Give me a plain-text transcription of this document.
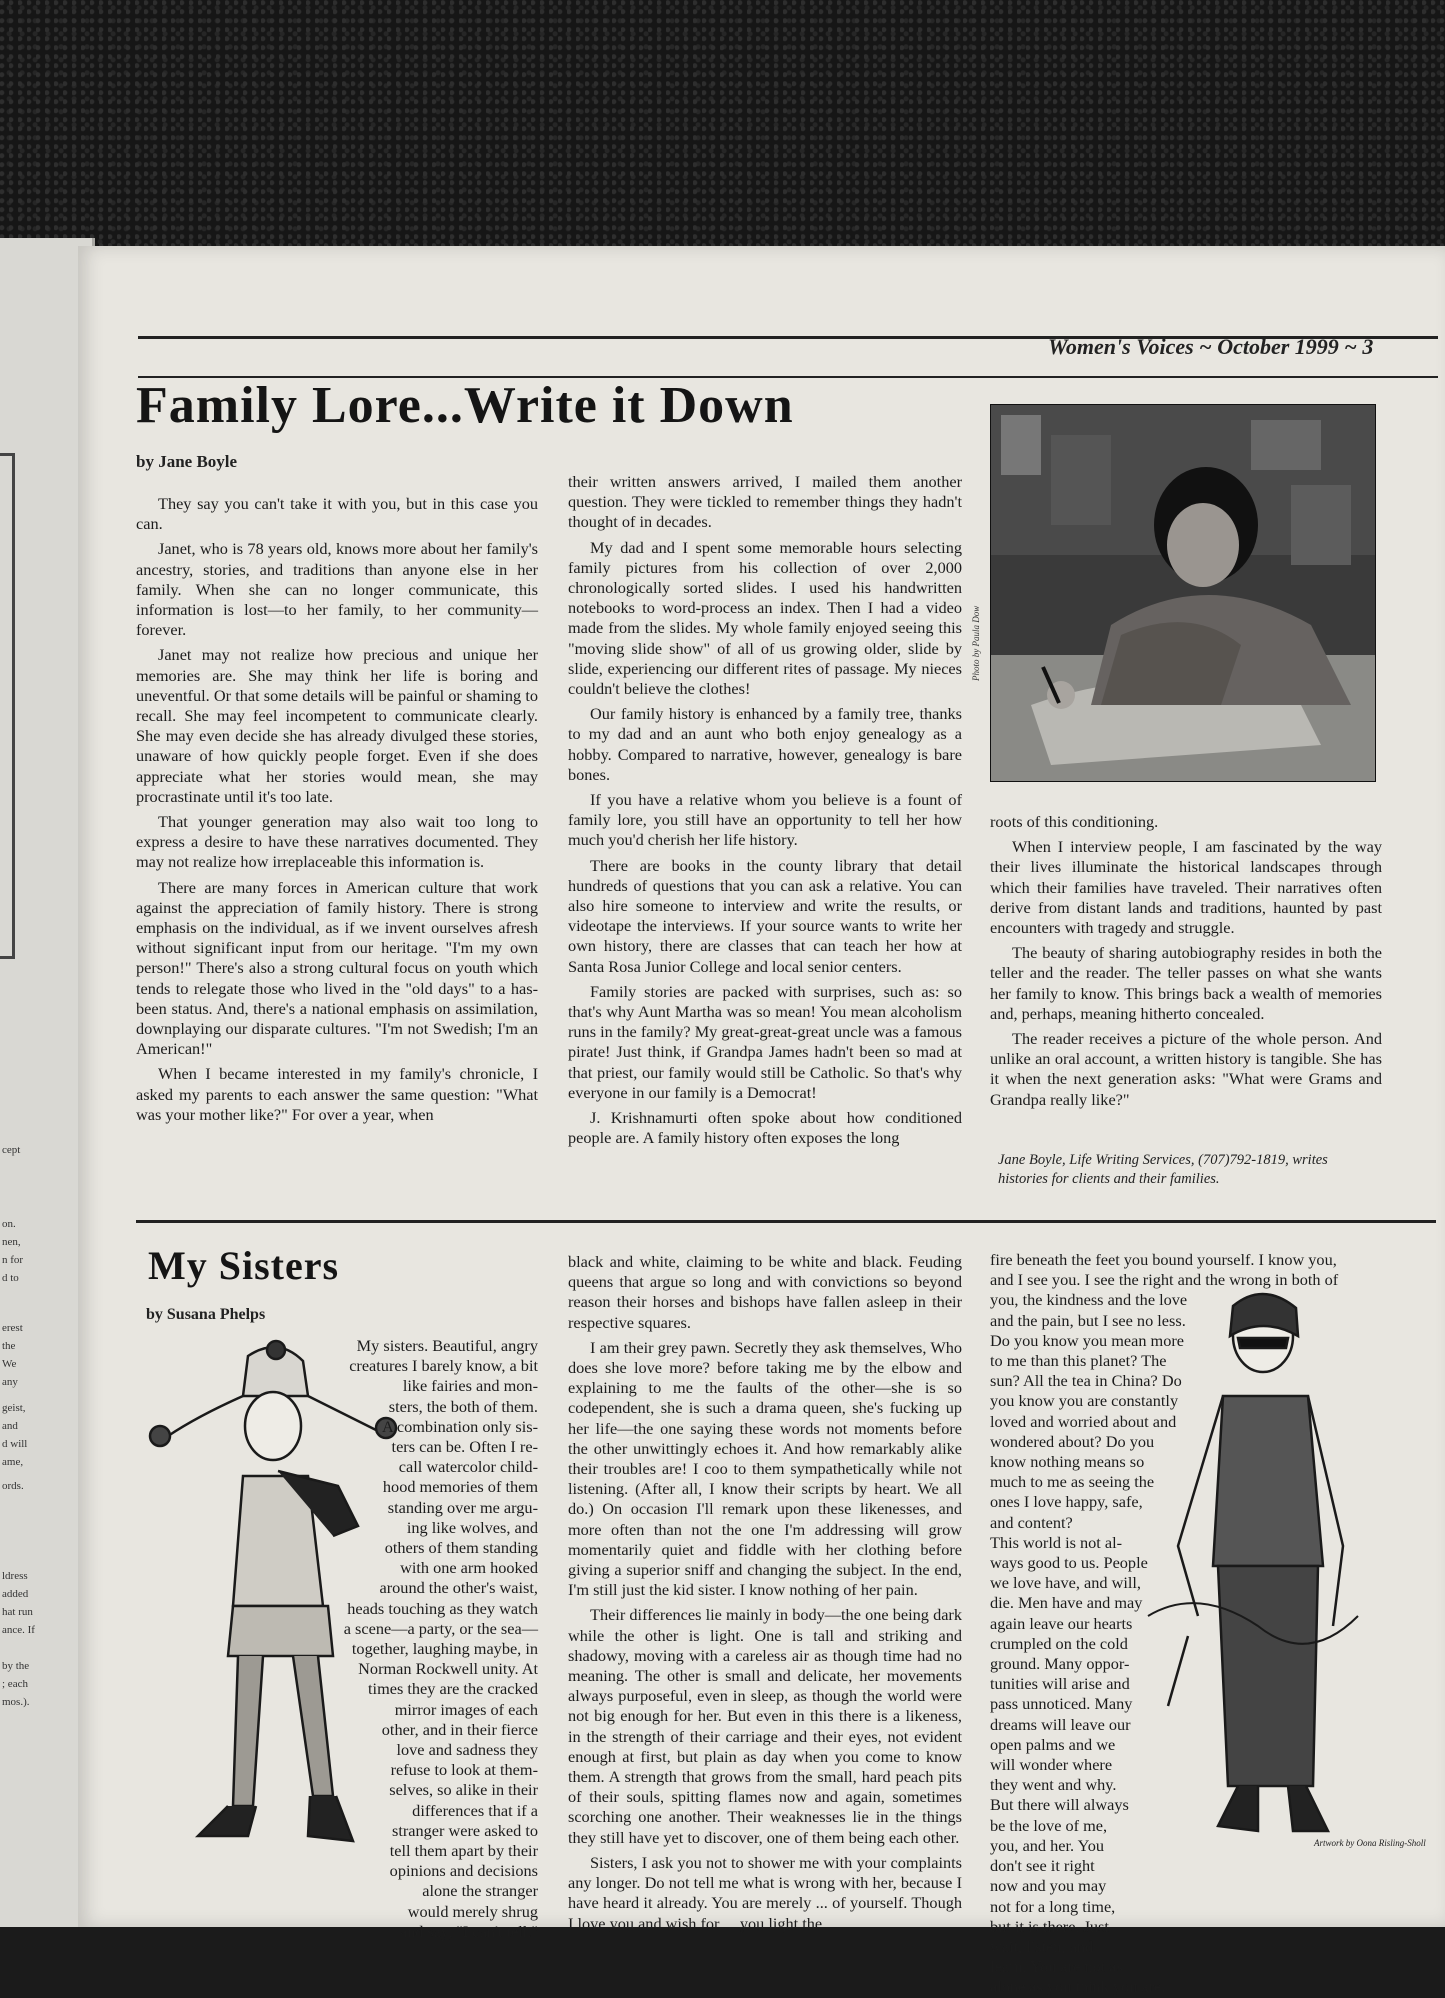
cept
on.
nen,
n for
d to
erest
the
We
any
geist,
and
d will
ame,
ords.
ldress
added
hat run
ance. If
by the
; each
mos.).
Women's Voices ~ October 1999 ~ 3
Family Lore...Write it Down
by Jane Boyle

They say you can't take it with you, but in this case you can.

Janet, who is 78 years old, knows more about her family's ancestry, stories, and traditions than anyone else in her family. When she can no longer communicate, this information is lost—to her family, to her community—forever.

Janet may not realize how precious and unique her memories are. She may think her life is boring and uneventful. Or that some details will be painful or shaming to recall. She may feel incompetent to communicate clearly. She may even decide she has already divulged these stories, unaware of how quickly people forget. Even if she does appreciate what her stories would mean, she may procrastinate until it's too late.

That younger generation may also wait too long to express a desire to have these narratives documented. They may not realize how irreplaceable this information is.

There are many forces in American culture that work against the appreciation of family history. There is strong emphasis on the individual, as if we invent ourselves afresh without significant input from our heritage. "I'm my own person!" There's also a strong cultural focus on youth which tends to relegate those who lived in the "old days" to a has-been status. And, there's a national emphasis on assimilation, downplaying our disparate cultures. "I'm not Swedish; I'm an American!"

When I became interested in my family's chronicle, I asked my parents to each answer the same question: "What was your mother like?" For over a year, when

their written answers arrived, I mailed them another question. They were tickled to remember things they hadn't thought of in decades.

My dad and I spent some memorable hours selecting family pictures from his collection of over 2,000 chronologically sorted slides. I used his handwritten notebooks to word-process an index. Then I had a video made from the slides. My whole family enjoyed seeing this "moving slide show" of all of us growing older, slide by slide, experiencing our different rites of passage. My nieces couldn't believe the clothes!

Our family history is enhanced by a family tree, thanks to my dad and an aunt who both enjoy genealogy as a hobby. Compared to narrative, however, genealogy is bare bones.

If you have a relative whom you believe is a fount of family lore, you still have an opportunity to tell her how much you'd cherish her life history.

There are books in the county library that detail hundreds of questions that you can ask a relative. You can also hire someone to interview and write the results, or videotape the interviews. If your source wants to write her own history, there are classes that can teach her how at Santa Rosa Junior College and local senior centers.

Family stories are packed with surprises, such as: so that's why Aunt Martha was so mean! You mean alcoholism runs in the family? My great-great-great uncle was a famous pirate! Just think, if Grandpa James hadn't been so mad at that priest, our family would still be Catholic. So that's why everyone in our family is a Democrat!

J. Krishnamurti often spoke about how conditioned people are. A family history often exposes the long

Photo by Paula Dow

roots of this conditioning.

When I interview people, I am fascinated by the way their lives illuminate the historical landscapes through which their families have traveled. Their narratives often derive from distant lands and traditions, haunted by past encounters with tragedy and struggle.

The beauty of sharing autobiography resides in both the teller and the reader. The teller passes on what she wants her family to know. This brings back a wealth of memories and, perhaps, meaning hitherto concealed.

The reader receives a picture of the whole person. And unlike an oral account, a written history is tangible. She has it when the next generation asks: "What were Grams and Grandpa really like?"

Jane Boyle, Life Writing Services, (707)792-1819, writes histories for clients and their families.
My Sisters
by Susana Phelps
My sisters. Beautiful, angry
creatures I barely know, a bit
like fairies and mon-
sters, the both of them.
A combination only sis-
ters can be. Often I re-
call watercolor child-
hood memories of them
standing over me argu-
ing like wolves, and
others of them standing
with one arm hooked
around the other's waist,
heads touching as they watch
a scene—a party, or the sea—
together, laughing maybe, in
Norman Rockwell unity. At
times they are the cracked
mirror images of each
other, and in their fierce
love and sadness they
refuse to look at them-
selves, so alike in their
differences that if a
stranger were asked to
tell them apart by their
opinions and decisions
alone the stranger
would merely shrug
and say, "I can't tell."

black and white, claiming to be white and black. Feuding queens that argue so long and with convictions so beyond reason their horses and bishops have fallen asleep in their respective squares.

I am their grey pawn. Secretly they ask themselves, Who does she love more? before taking me by the elbow and explaining to me the faults of the other—she is so codependent, she is such a drama queen, she's fucking up her life—the one saying these words not moments before the other unwittingly echoes it. And how remarkably alike their troubles are! I coo to them sympathetically while not listening. (After all, I know their scripts by heart. We all do.) On occasion I'll remark upon these likenesses, and more often than not the one I'm addressing will grow momentarily quiet and fiddle with her clothing before giving a superior sniff and changing the subject. In the end, I'm still just the kid sister. I know nothing of her pain.

Their differences lie mainly in body—the one being dark while the other is light. One is tall and striking and shadowy, moving with a careless air as though time had no meaning. The other is small and delicate, her movements always purposeful, even in sleep, as though the world were not big enough for her. But even in this there is a likeness, in the strength of their carriage and their eyes, not evident enough at first, but plain as day when you come to know them. A strength that grows from the small, hard peach pits of their souls, spitting flames now and again, sometimes scorching one another. Their weaknesses lie in the things they still have yet to discover, one of them being each other.

Sisters, I ask you not to shower me with your complaints any longer. Do not tell me what is wrong with her, because I have heard it already. You are merely ... of yourself. Though I love you and wish for ... you light the

fire beneath the feet you bound yourself. I know you,
and I see you. I see the right and the wrong in both of
you, the kindness and the love
and the pain, but I see no less.
Do you know you mean more
to me than this planet? The
sun? All the tea in China? Do
you know you are constantly
loved and worried about and
wondered about? Do you
know nothing means so
much to me as seeing the
ones I love happy, safe,
and content?
This world is not al-
ways good to us. People
we love have, and will,
die. Men have and may
again leave our hearts
crumpled on the cold
ground. Many oppor-
tunities will arise and
pass unnoticed. Many
dreams will leave our
open palms and we
will wonder where
they went and why.
But there will always
be the love of me,
you, and her. You
don't see it right
now and you may
not for a long time,
but it is there. Just
wait, listen, and
learn. You are not as
alone as you think you are.
Artwork by Oona Risling-Sholl
